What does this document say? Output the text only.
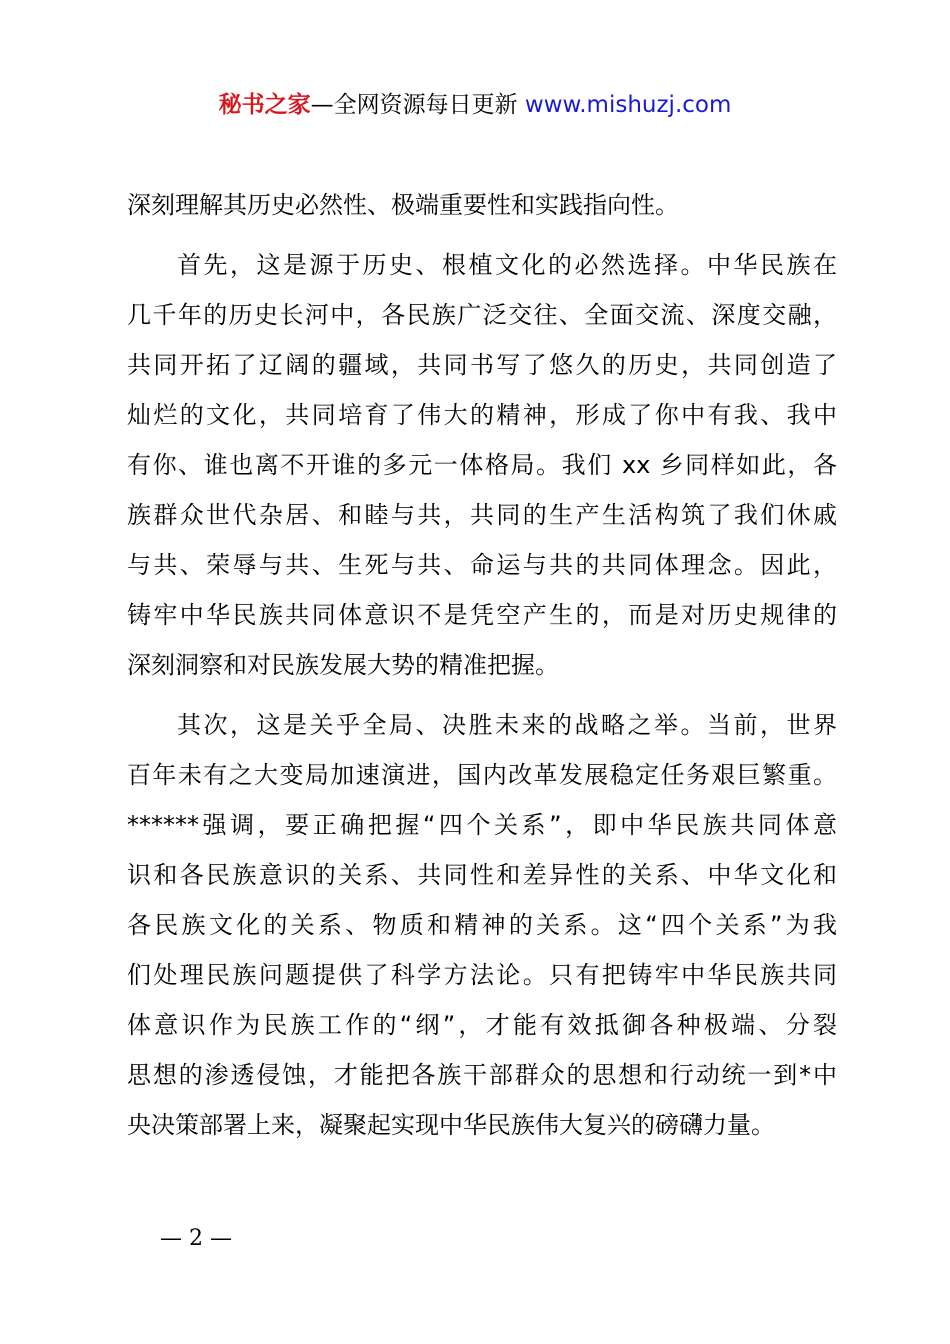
秘书之家—全网资源每日更新 www.mishuzj.com
深刻理解其历史必然性、极端重要性和实践指向性。
首先，这是源于历史、根植文化的必然选择。中华民族在
几千年的历史长河中，各民族广泛交往、全面交流、深度交融，
共同开拓了辽阔的疆域，共同书写了悠久的历史，共同创造了
灿烂的文化，共同培育了伟大的精神，形成了你中有我、我中
有你、谁也离不开谁的多元一体格局。我们 xx 乡同样如此，各
族群众世代杂居、和睦与共，共同的生产生活构筑了我们休戚
与共、荣辱与共、生死与共、命运与共的共同体理念。因此，
铸牢中华民族共同体意识不是凭空产生的，而是对历史规律的
深刻洞察和对民族发展大势的精准把握。
其次，这是关乎全局、决胜未来的战略之举。当前，世界
百年未有之大变局加速演进，国内改革发展稳定任务艰巨繁重。
******强调，要正确把握“四个关系”，即中华民族共同体意
识和各民族意识的关系、共同性和差异性的关系、中华文化和
各民族文化的关系、物质和精神的关系。这“四个关系”为我
们处理民族问题提供了科学方法论。只有把铸牢中华民族共同
体意识作为民族工作的“纲”，才能有效抵御各种极端、分裂
思想的渗透侵蚀，才能把各族干部群众的思想和行动统一到*中
央决策部署上来，凝聚起实现中华民族伟大复兴的磅礴力量。
— 2 —
